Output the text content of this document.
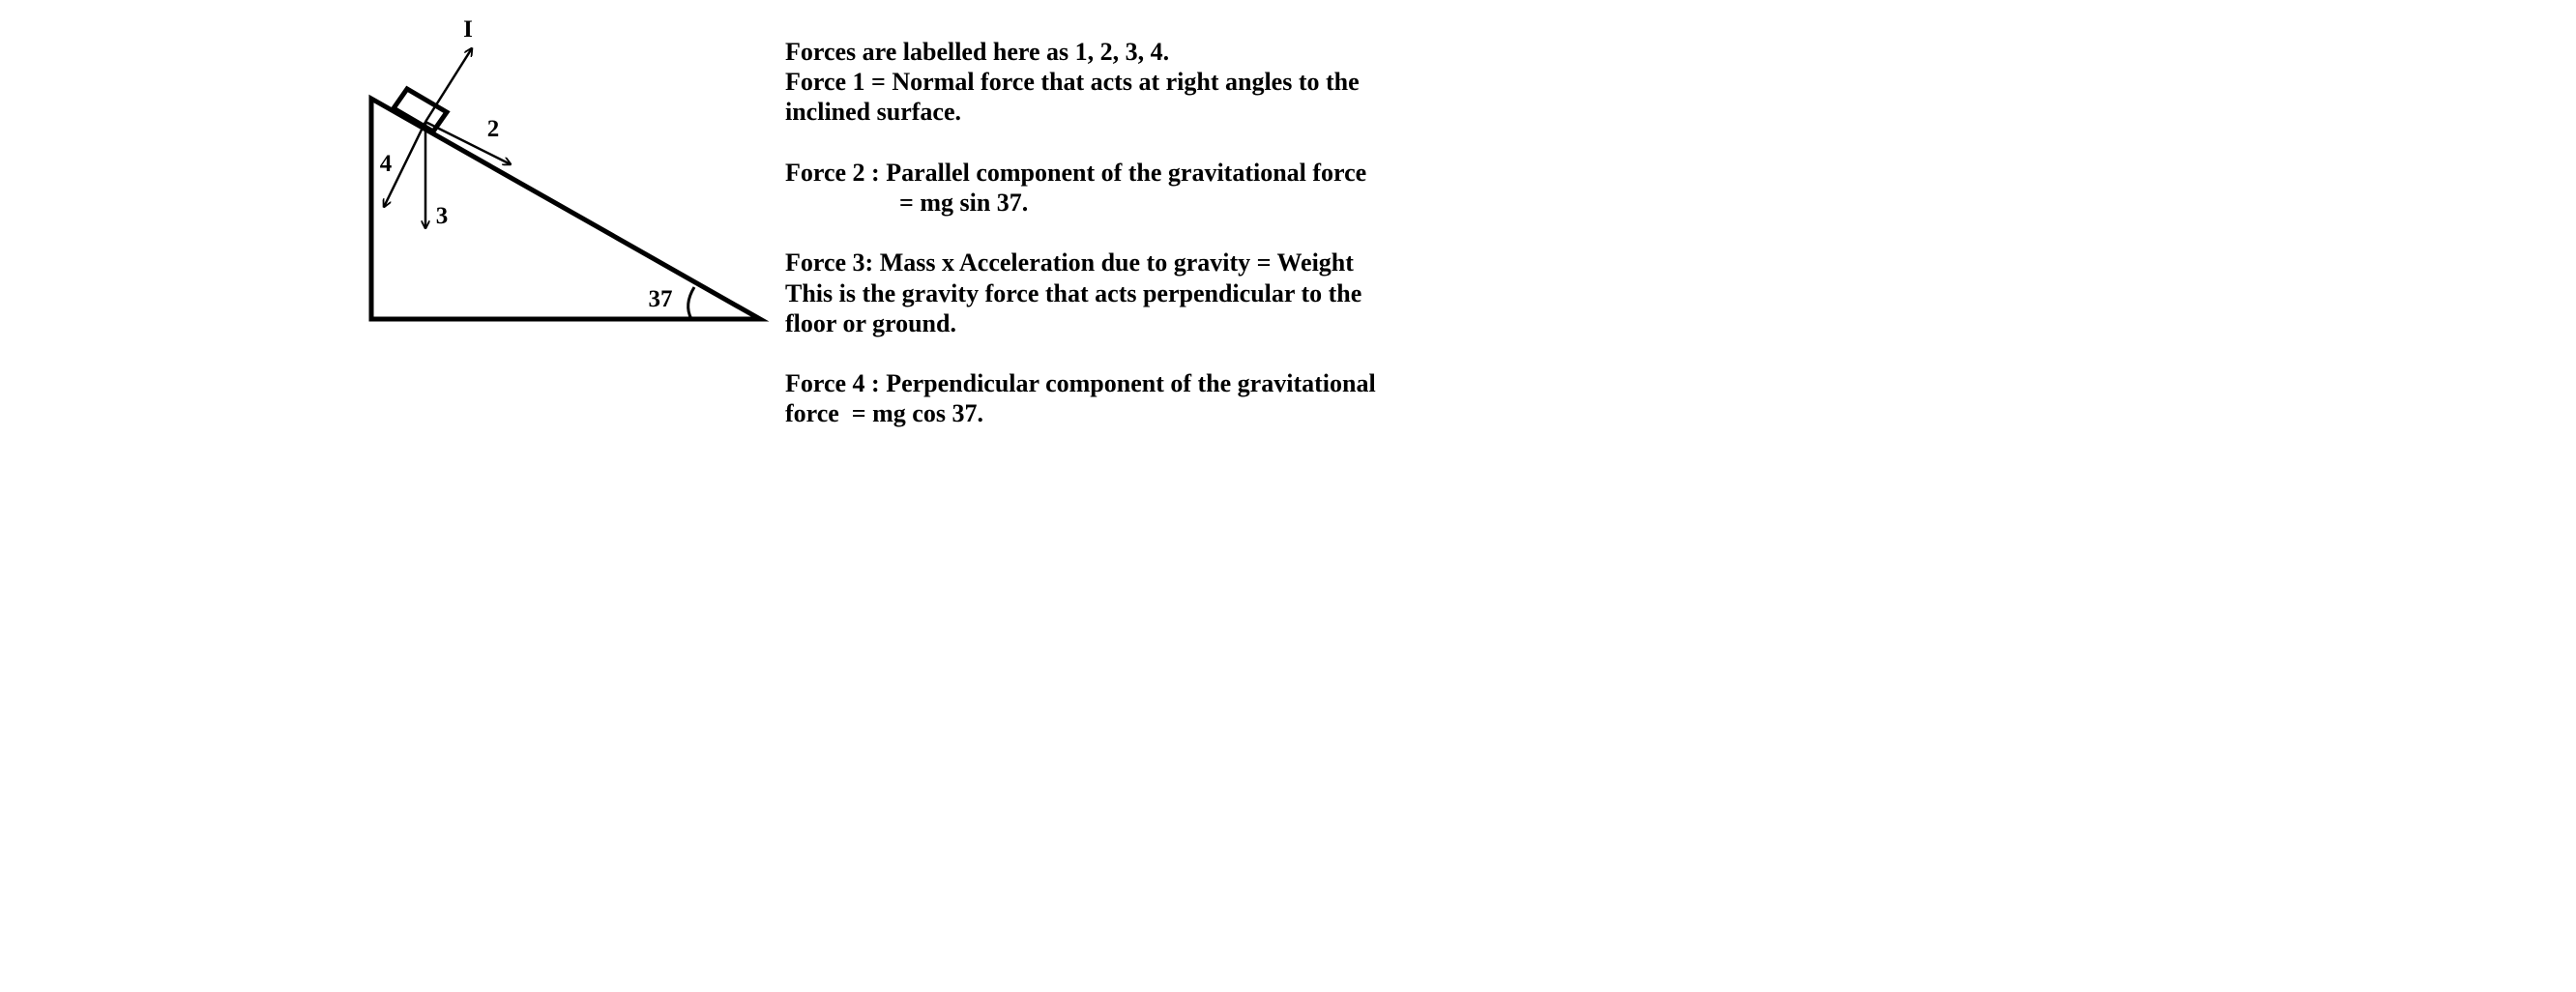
I
2
3
4
37
Forces are labelled here as 1, 2, 3, 4.
Force 1 = Normal force that acts at right angles to the
inclined surface.
Force 2 : Parallel component of the gravitational force
= mg sin 37.
Force 3: Mass x Acceleration due to gravity = Weight
This is the gravity force that acts perpendicular to the
floor or ground.
Force 4 : Perpendicular component of the gravitational
force  = mg cos 37.
